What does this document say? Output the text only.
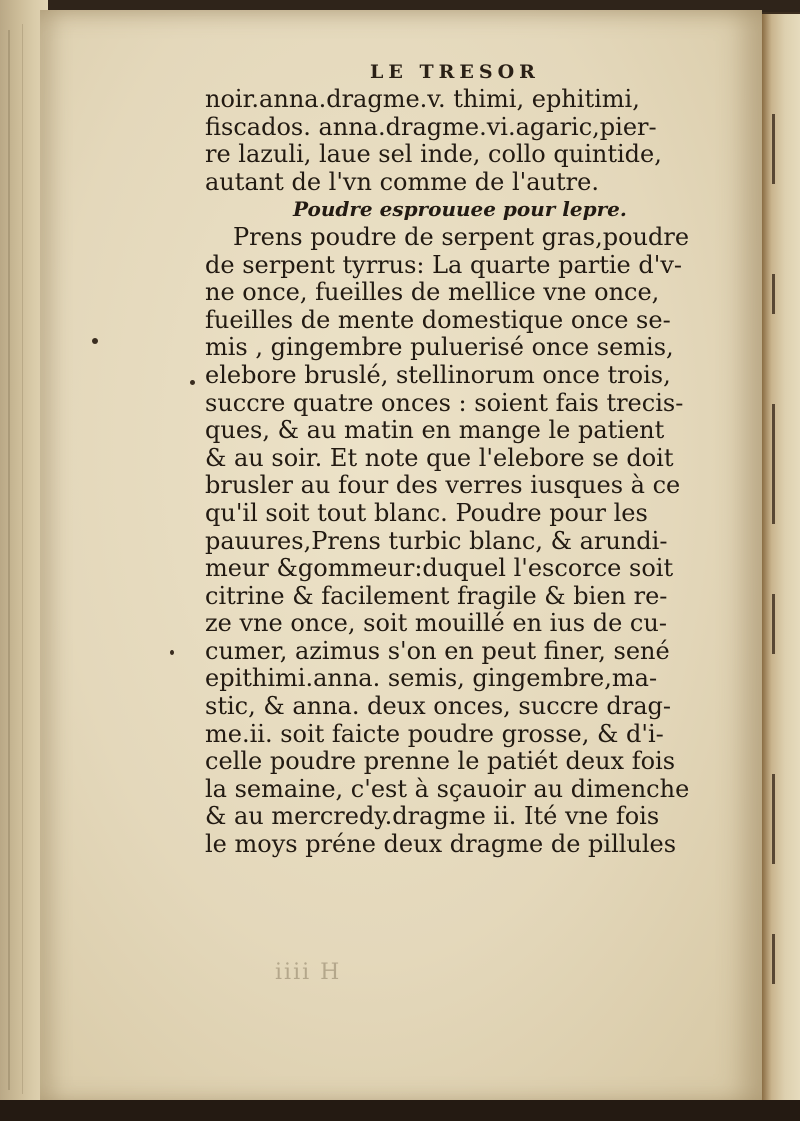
LE TRESOR
noir.anna.dragme.v. thimi, ephitimi,
fiscados. anna.dragme.vi.agaric,pier-
re lazuli, laue sel inde, collo quintide,
autant de l'vn comme de l'autre.
Poudre esprouuee pour lepre.
Prens poudre de serpent gras,poudre
de serpent tyrrus: La quarte partie d'v-
ne once, fueilles de mellice vne once,
fueilles de mente domestique once se-
mis , gingembre puluerisé once semis,
elebore bruslé, stellinorum once trois,
succre quatre onces : soient fais trecis-
ques, & au matin en mange le patient
& au soir. Et note que l'elebore se doit
brusler au four des verres iusques à ce
qu'il soit tout blanc. Poudre pour les
pauures,Prens turbic blanc, & arundi-
meur &gommeur:duquel l'escorce soit
citrine & facilement fragile & bien re-
ze vne once, soit mouillé en ius de cu-
cumer, azimus s'on en peut finer, sené
epithimi.anna. semis, gingembre,ma-
stic, & anna. deux onces, succre drag-
me.ii. soit faicte poudre grosse, & d'i-
celle poudre prenne le patiét deux fois
la semaine, c'est à sçauoir au dimenche
& au mercredy.dragme ii. Ité vne fois
le moys préne deux dragme de pillules
iiii H
